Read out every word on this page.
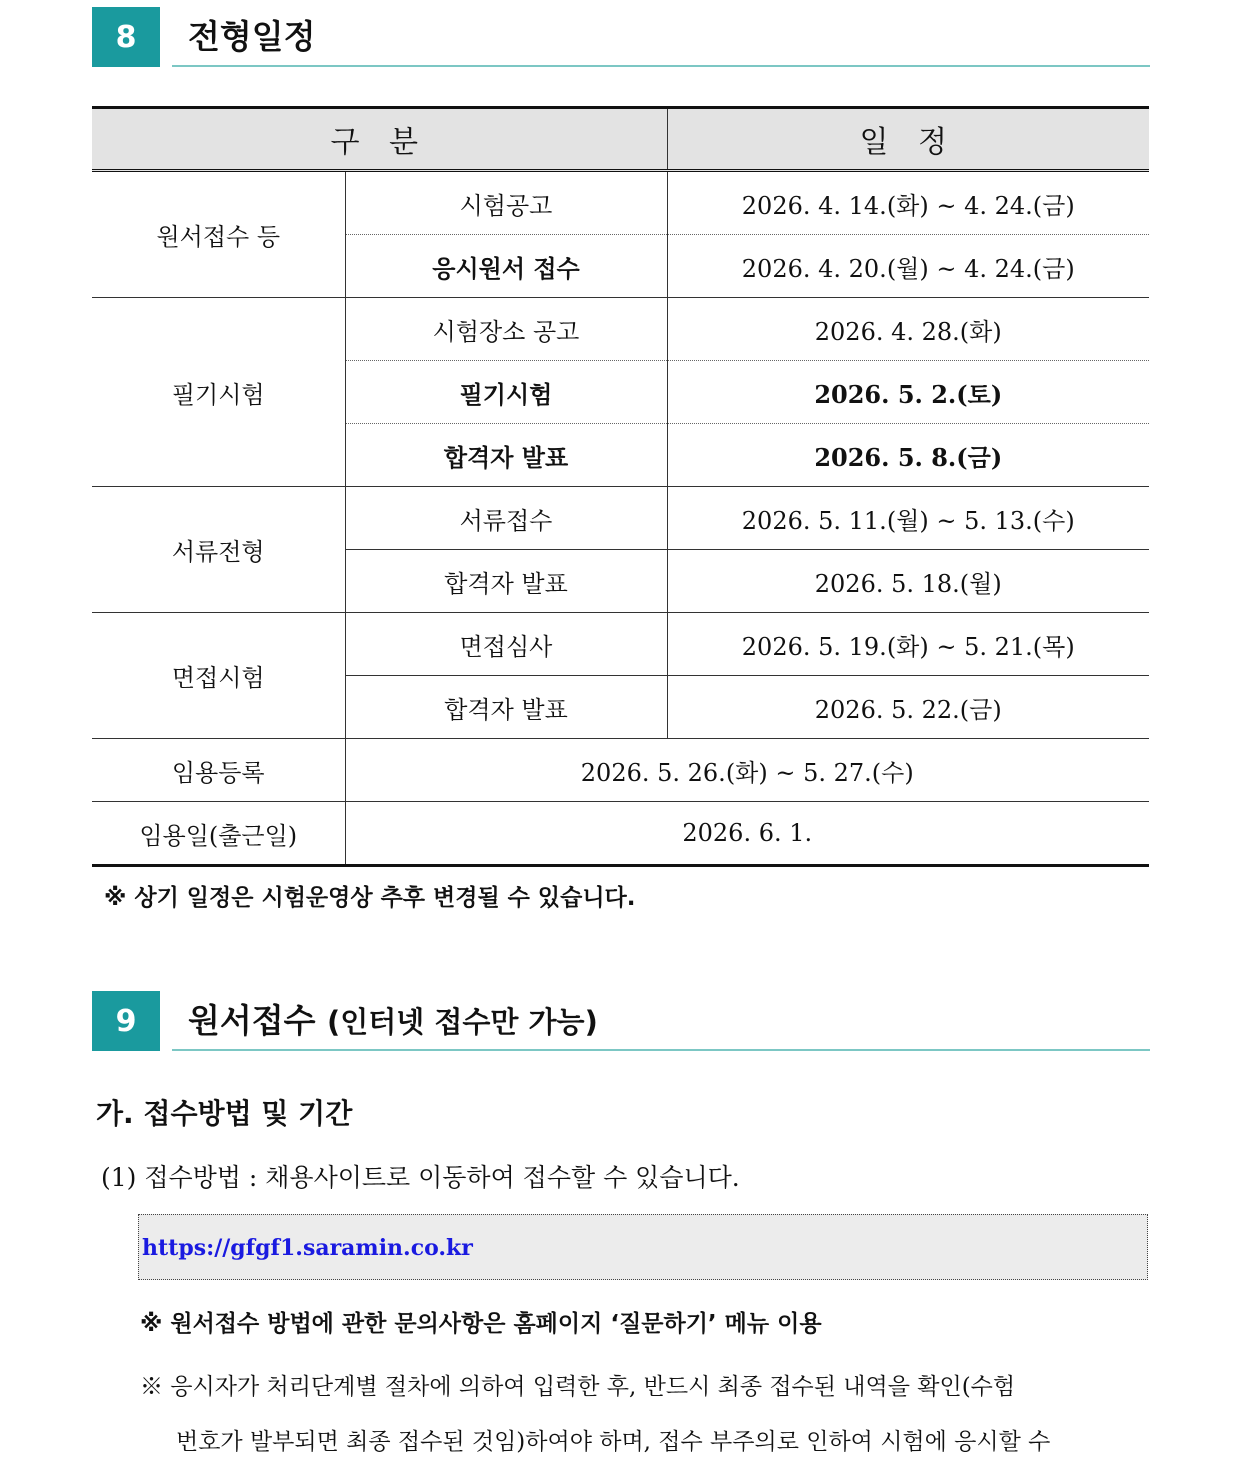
8	전형일정
구 분		일 정
원서접수 등	시험공고	2026. 4. 14.(화) ~ 4. 24.(금)
	응시원서 접수	2026. 4. 20.(월) ~ 4. 24.(금)
필기시험	시험장소 공고	2026. 4. 28.(화)
	필기시험	2026. 5. 2.(토)
	합격자 발표	2026. 5. 8.(금)
서류전형	서류접수	2026. 5. 11.(월) ~ 5. 13.(수)
	합격자 발표	2026. 5. 18.(월)
면접시험	면접심사	2026. 5. 19.(화) ~ 5. 21.(목)
	합격자 발표	2026. 5. 22.(금)
임용등록	2026. 5. 26.(화) ~ 5. 27.(수)	
임용일(출근일)	2026. 6. 1.	
※ 상기 일정은 시험운영상 추후 변경될 수 있습니다.
9	원서접수 (인터넷 접수만 가능)
가. 접수방법 및 기간
(1) 접수방법 : 채용사이트로 이동하여 접수할 수 있습니다.
https://gfgf1.saramin.co.kr
※ 원서접수 방법에 관한 문의사항은 홈페이지 ‘질문하기’ 메뉴 이용
※ 응시자가 처리단계별 절차에 의하여 입력한 후, 반드시 최종 접수된 내역을 확인(수험
번호가 발부되면 최종 접수된 것임)하여야 하며, 접수 부주의로 인하여 시험에 응시할 수
